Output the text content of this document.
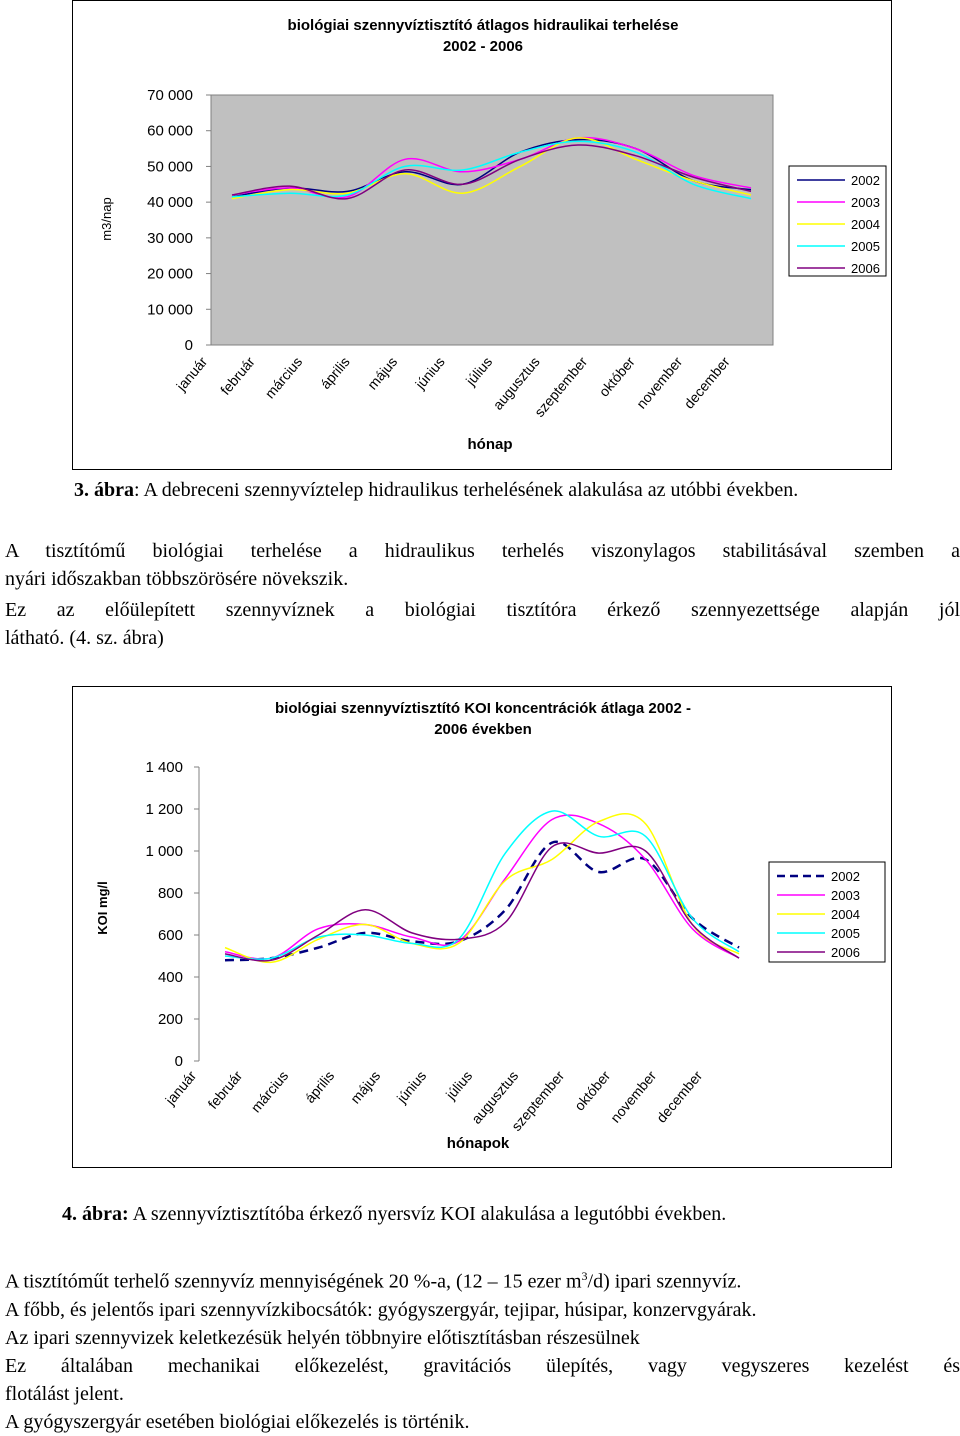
biológiai szennyvíztisztító átlagos hidraulikai terhelése
2002 - 2006
0
10 000
20 000
30 000
40 000
50 000
60 000
70 000
m3/nap
január február március április május június július
augusztus
szeptember október
november
december
hónap
2002
2003
2004
2005
2006
3. ábra: A debreceni szennyvíztelep hidraulikus terhelésének alakulása az utóbbi években.
A tisztítómű biológiai terhelése a hidraulikus terhelés viszonylagos stabilitásával szemben a
nyári időszakban többszörösére növekszik.
Ez az előülepített szennyvíznek a biológiai tisztítóra érkező szennyezettsége alapján jól
látható. (4. sz. ábra)
biológiai szennyvíztisztító KOI koncentrációk átlaga 2002 -
2006 években
0
200
400
600
800
1 000
1 200
1 400
KOI mg/l
január február március április május június július
augusztus
szeptember október
november
december
hónapok
2002
2003
2004
2005
2006
4. ábra: A szennyvíztisztítóba érkező nyersvíz KOI alakulása a legutóbbi években.
A tisztítóműt terhelő szennyvíz mennyiségének 20 %-a, (12 – 15 ezer $m^3/d$) ipari szennyvíz.
A főbb, és jelentős ipari szennyvízkibocsátók: gyógyszergyár, tejipar, húsipar, konzervgyárak.
Az ipari szennyvizek keletkezésük helyén többnyire előtisztításban részesülnek
Ez általában mechanikai előkezelést, gravitációs ülepítés, vagy vegyszeres kezelést és
flotálást jelent.
A gyógyszergyár esetében biológiai előkezelés is történik.
